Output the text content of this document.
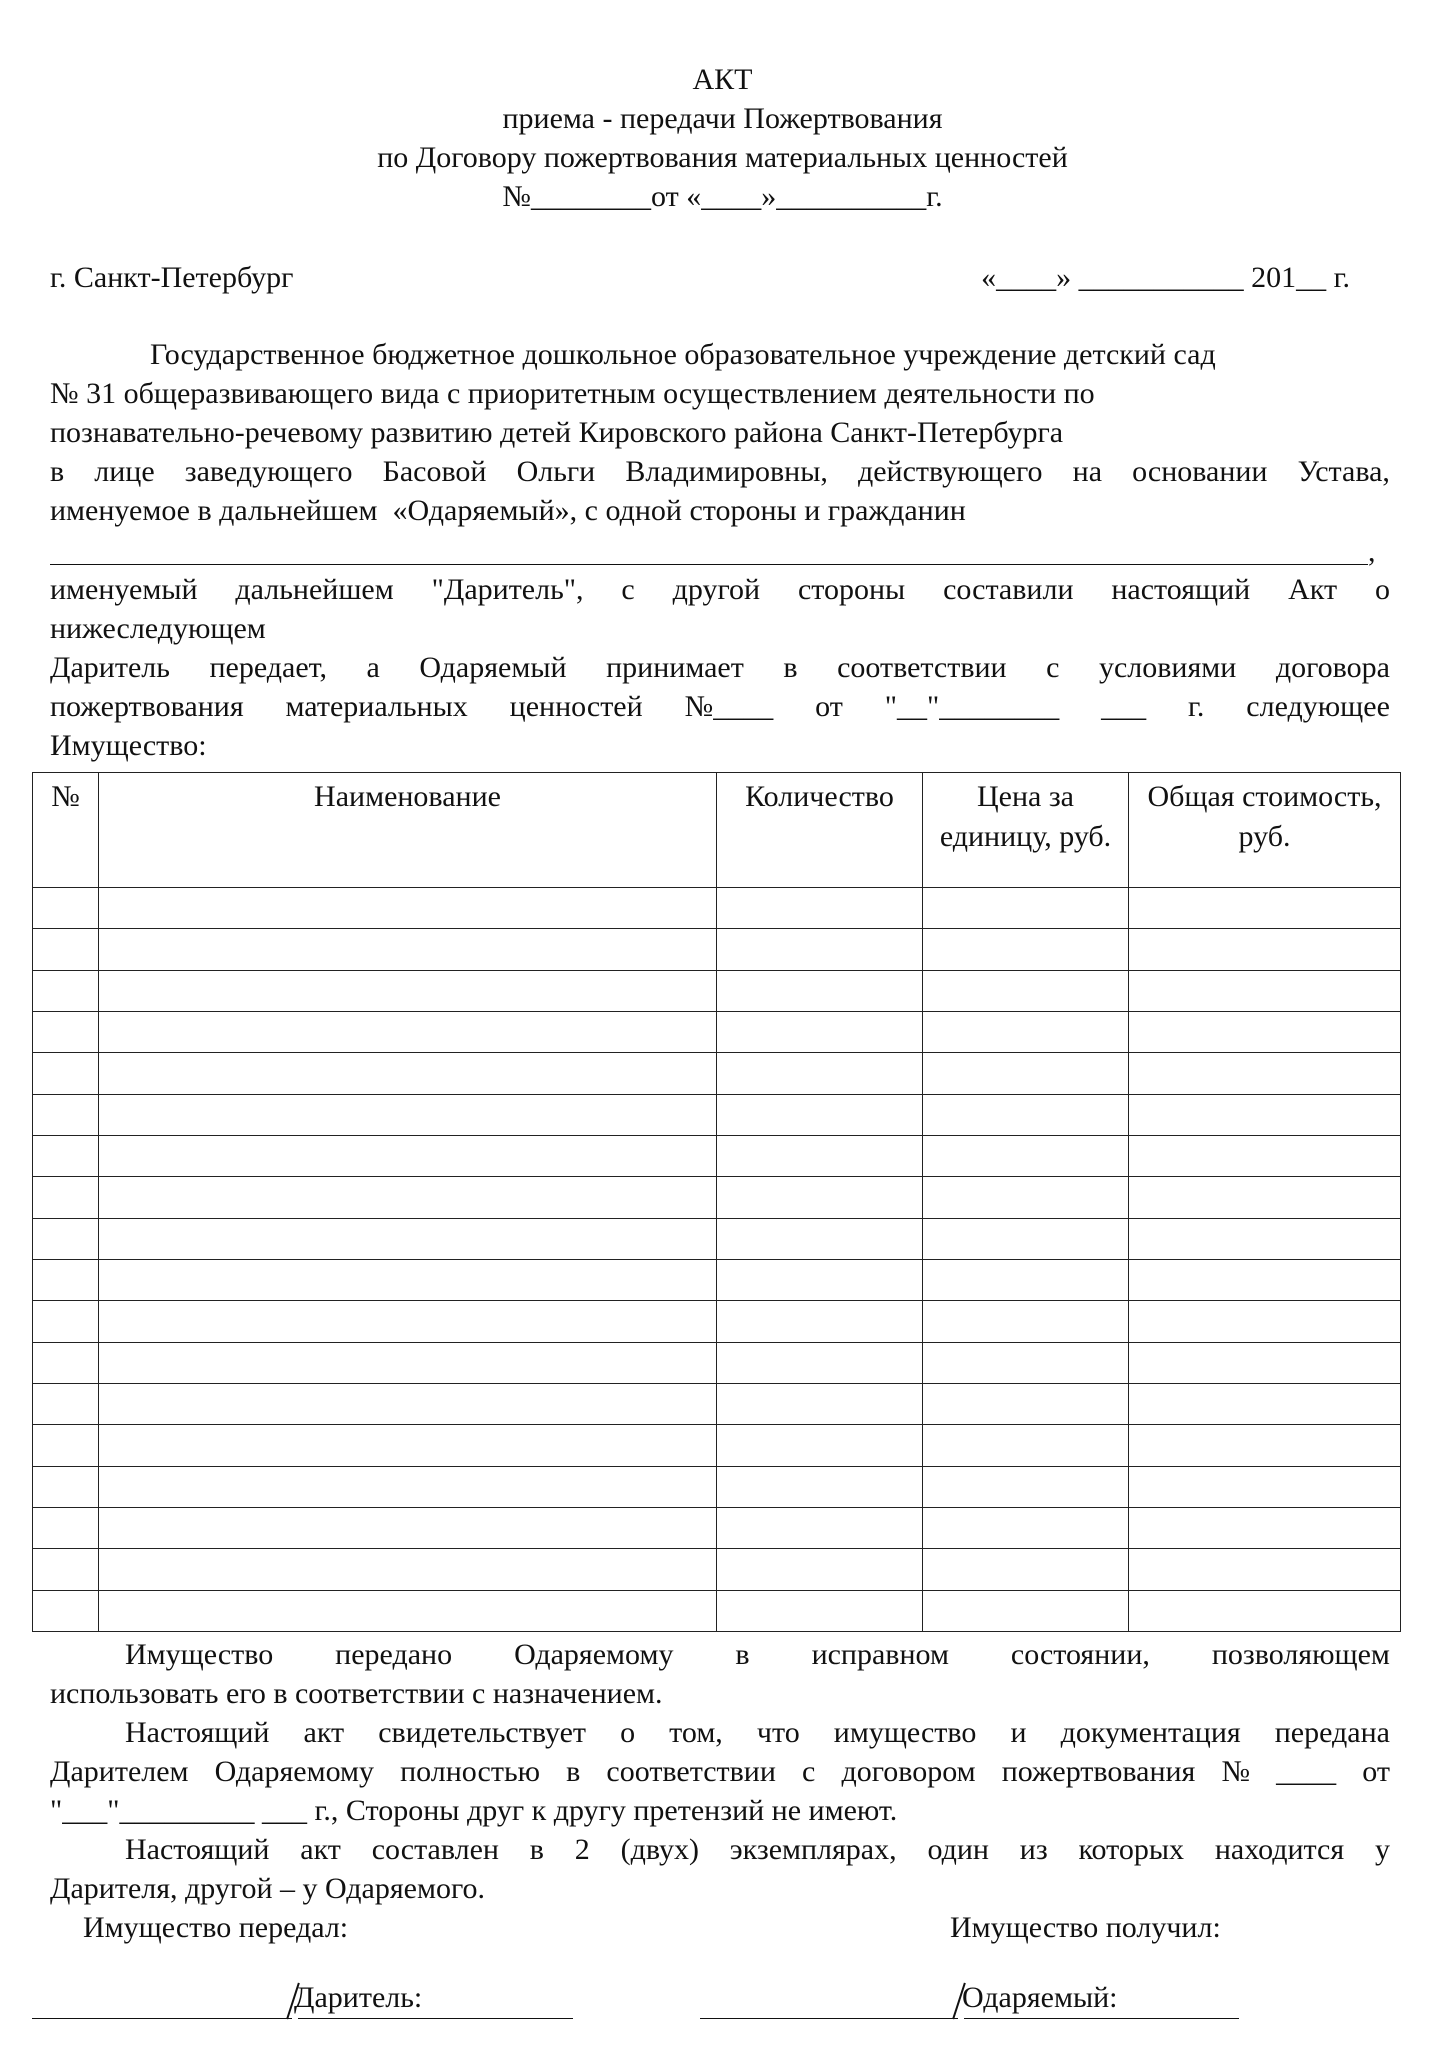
АКТ
приема - передачи Пожертвования
по Договору пожертвования материальных ценностей
№________от «____»__________г.
г. Санкт-Петербург	«____» ___________ 201__ г.
Государственное бюджетное дошкольное образовательное учреждение детский сад
№ 31 общеразвивающего вида с приоритетным осуществлением деятельности по
познавательно-речевому развитию детей Кировского района Санкт-Петербурга
в лице заведующего Басовой Ольги Владимировны, действующего на основании Устава,
именуемое в дальнейшем  «Одаряемый», с одной стороны и гражданин
,
именуемый дальнейшем "Даритель", с другой стороны составили настоящий Акт о
нижеследующем
Даритель передает, а Одаряемый принимает в соответствии с условиями договора
пожертвования материальных ценностей №____ от "__"________ ___ г. следующее
Имущество:
№	Наименование	Количество	Цена за единицу, руб.	Общая стоимость, руб.

Имущество передано Одаряемому в исправном состоянии, позволяющем
использовать его в соответствии с назначением.
Настоящий акт свидетельствует о том, что имущество и документация передана
Дарителем Одаряемому полностью в соответствии с договором пожертвования № ____ от
"___"_________ ___ г., Стороны друг к другу претензий не имеют.
Настоящий акт составлен в 2 (двух) экземплярах, один из которых находится у
Дарителя, другой – у Одаряемого.
Имущество передал:	Имущество получил:
Даритель:	Одаряемый:
